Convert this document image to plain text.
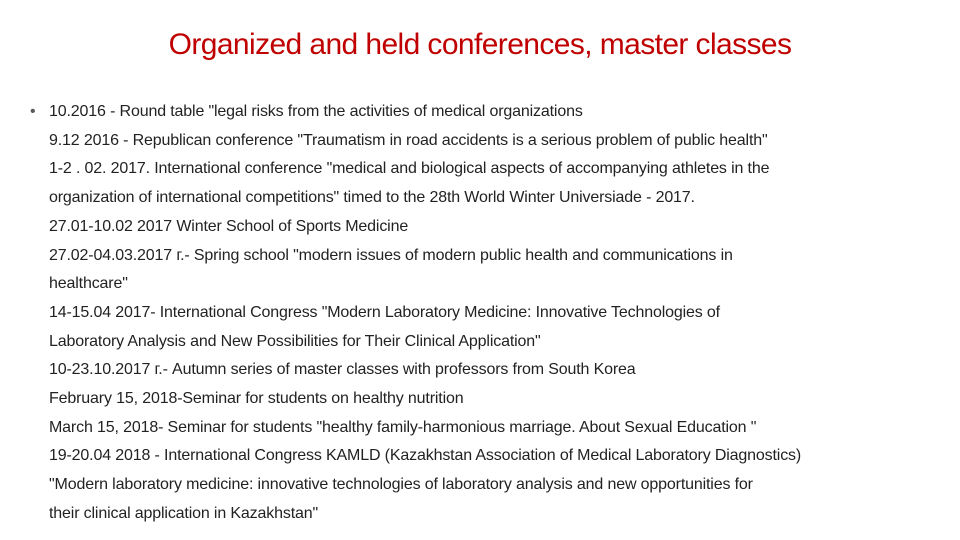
Organized and held conferences, master classes
• 10.2016 - Round table "legal risks from the activities of medical organizations
9.12 2016 - Republican conference "Traumatism in road accidents is a serious problem of public health"
1-2 . 02. 2017. International conference "medical and biological aspects of accompanying athletes in the
organization of international competitions" timed to the 28th World Winter Universiade - 2017.
27.01-10.02 2017 Winter School of Sports Medicine
27.02-04.03.2017 г.- Spring school "modern issues of modern public health and communications in
healthcare"
14-15.04 2017- International Congress "Modern Laboratory Medicine: Innovative Technologies of
Laboratory Analysis and New Possibilities for Their Clinical Application"
10-23.10.2017 г.- Autumn series of master classes with professors from South Korea
February 15, 2018-Seminar for students on healthy nutrition
March 15, 2018- Seminar for students "healthy family-harmonious marriage. About Sexual Education "
19-20.04 2018 - International Congress KAMLD (Kazakhstan Association of Medical Laboratory Diagnostics)
"Modern laboratory medicine: innovative technologies of laboratory analysis and new opportunities for
their clinical application in Kazakhstan"
